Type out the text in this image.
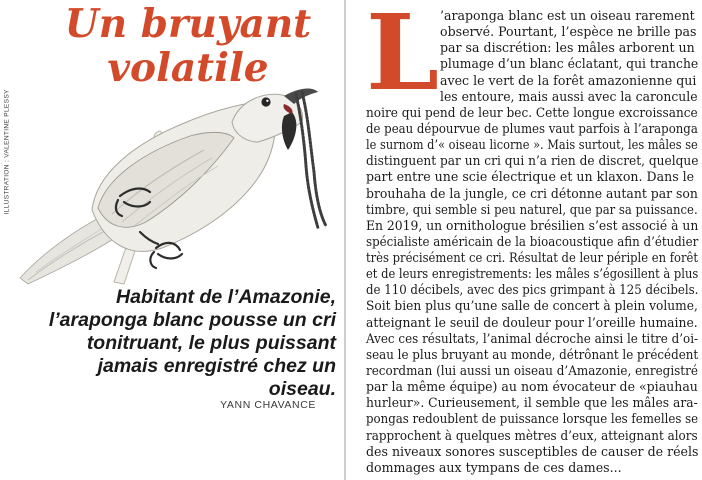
ILLUSTRATION : VALENTINE PLESSY
Un bruyant volatile

Habitant de l’Amazonie, l’araponga blanc pousse un cri tonitruant, le plus puissant jamais enregistré chez un oiseau.

YANN CHAVANCE

L ’araponga blanc est un oiseau rarement
observé. Pourtant, l’espèce ne brille pas
par sa discrétion: les mâles arborent un
plumage d’un blanc éclatant, qui tranche
avec le vert de la forêt amazonienne qui
les entoure, mais aussi avec la caroncule
noire qui pend de leur bec. Cette longue excroissance
de peau dépourvue de plumes vaut parfois à l’araponga
le surnom d’« oiseau licorne ». Mais surtout, les mâles se
distinguent par un cri qui n’a rien de discret, quelque
part entre une scie électrique et un klaxon. Dans le
brouhaha de la jungle, ce cri détonne autant par son
timbre, qui semble si peu naturel, que par sa puissance.
En 2019, un ornithologue brésilien s’est associé à un
spécialiste américain de la bioacoustique afin d’étudier
très précisément ce cri. Résultat de leur périple en forêt
et de leurs enregistrements: les mâles s’égosillent à plus
de 110 décibels, avec des pics grimpant à 125 décibels.
Soit bien plus qu’une salle de concert à plein volume,
atteignant le seuil de douleur pour l’oreille humaine.
Avec ces résultats, l’animal décroche ainsi le titre d’oi-
seau le plus bruyant au monde, détrônant le précédent
recordman (lui aussi un oiseau d’Amazonie, enregistré
par la même équipe) au nom évocateur de «piauhau
hurleur». Curieusement, il semble que les mâles ara-
pongas redoublent de puissance lorsque les femelles se
rapprochent à quelques mètres d’eux, atteignant alors
des niveaux sonores susceptibles de causer de réels
dommages aux tympans de ces dames...
